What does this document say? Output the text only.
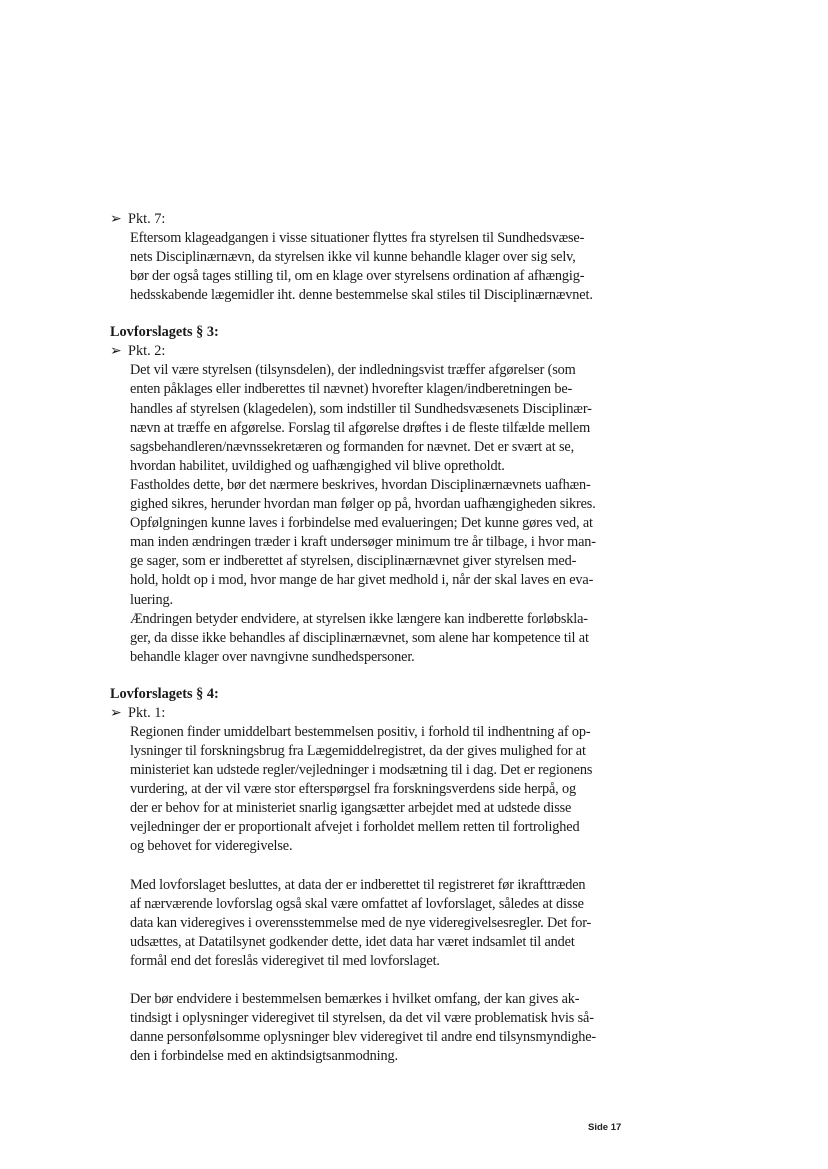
➢ Pkt. 7:
Eftersom klageadgangen i visse situationer flyttes fra styrelsen til Sundhedsvæse-
nets Disciplinærnævn, da styrelsen ikke vil kunne behandle klager over sig selv,
bør der også tages stilling til, om en klage over styrelsens ordination af afhængig-
hedsskabende lægemidler iht. denne bestemmelse skal stiles til Disciplinærnævnet.
Lovforslagets § 3:
➢ Pkt. 2:
Det vil være styrelsen (tilsynsdelen), der indledningsvist træffer afgørelser (som
enten påklages eller indberettes til nævnet) hvorefter klagen/indberetningen be-
handles af styrelsen (klagedelen), som indstiller til Sundhedsvæsenets Disciplinær-
nævn at træffe en afgørelse. Forslag til afgørelse drøftes i de fleste tilfælde mellem
sagsbehandleren/nævnssekretæren og formanden for nævnet. Det er svært at se,
hvordan habilitet, uvildighed og uafhængighed vil blive opretholdt.
Fastholdes dette, bør det nærmere beskrives, hvordan Disciplinærnævnets uafhæn-
gighed sikres, herunder hvordan man følger op på, hvordan uafhængigheden sikres.
Opfølgningen kunne laves i forbindelse med evalueringen; Det kunne gøres ved, at
man inden ændringen træder i kraft undersøger minimum tre år tilbage, i hvor man-
ge sager, som er indberettet af styrelsen, disciplinærnævnet giver styrelsen med-
hold, holdt op i mod, hvor mange de har givet medhold i, når der skal laves en eva-
luering.
Ændringen betyder endvidere, at styrelsen ikke længere kan indberette forløbskla-
ger, da disse ikke behandles af disciplinærnævnet, som alene har kompetence til at
behandle klager over navngivne sundhedspersoner.
Lovforslagets § 4:
➢ Pkt. 1:
Regionen finder umiddelbart bestemmelsen positiv, i forhold til indhentning af op-
lysninger til forskningsbrug fra Lægemiddelregistret, da der gives mulighed for at
ministeriet kan udstede regler/vejledninger i modsætning til i dag. Det er regionens
vurdering, at der vil være stor efterspørgsel fra forskningsverdens side herpå, og
der er behov for at ministeriet snarlig igangsætter arbejdet med at udstede disse
vejledninger der er proportionalt afvejet i forholdet mellem retten til fortrolighed
og behovet for videregivelse.
Med lovforslaget besluttes, at data der er indberettet til registreret før ikrafttræden
af nærværende lovforslag også skal være omfattet af lovforslaget, således at disse
data kan videregives i overensstemmelse med de nye videregivelsesregler. Det for-
udsættes, at Datatilsynet godkender dette, idet data har været indsamlet til andet
formål end det foreslås videregivet til med lovforslaget.
Der bør endvidere i bestemmelsen bemærkes i hvilket omfang, der kan gives ak-
tindsigt i oplysninger videregivet til styrelsen, da det vil være problematisk hvis så-
danne personfølsomme oplysninger blev videregivet til andre end tilsynsmyndighe-
den i forbindelse med en aktindsigtsanmodning.
Side 17
